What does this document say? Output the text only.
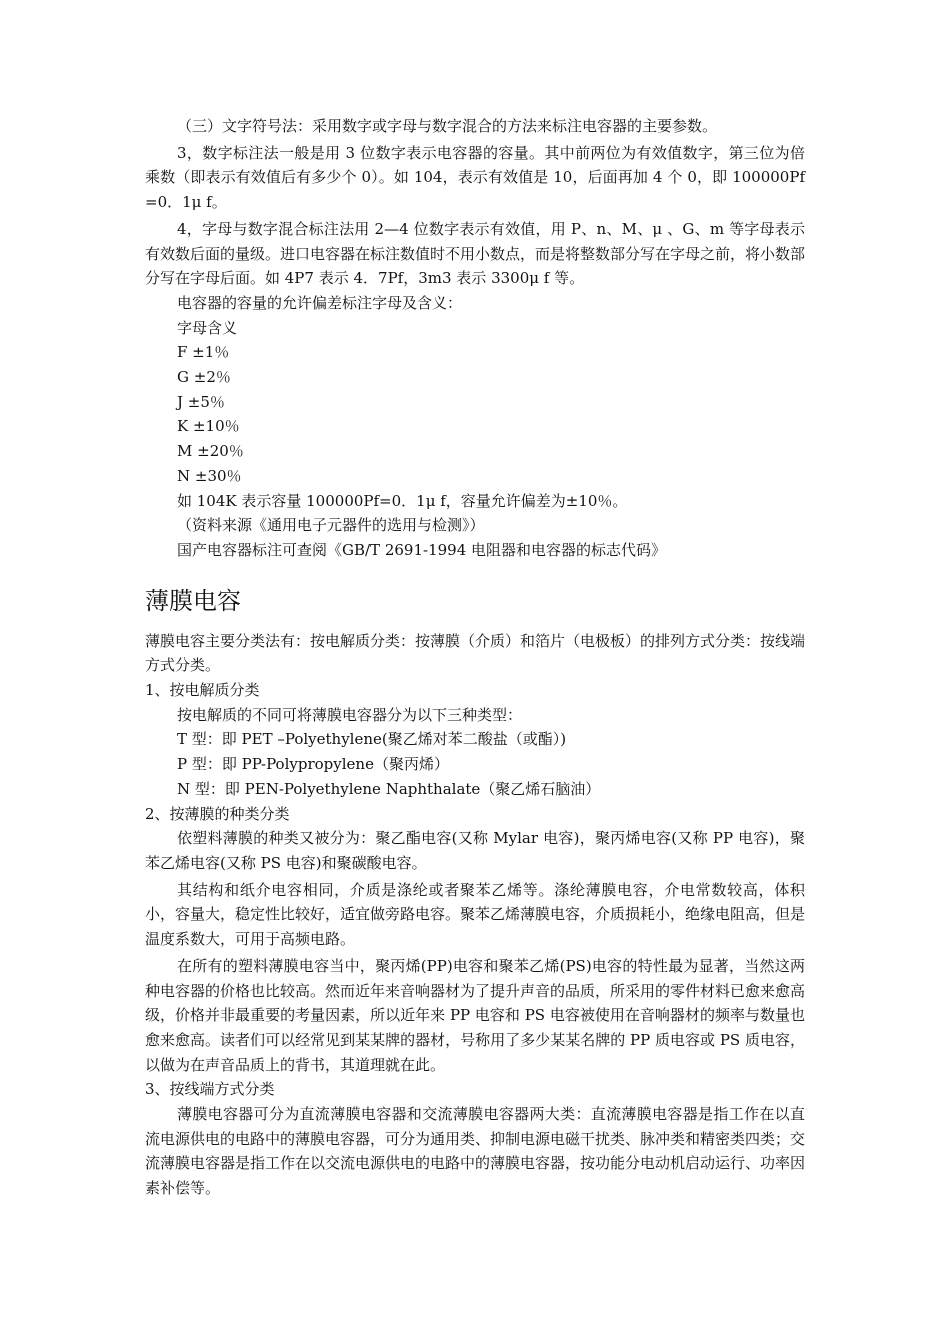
（三）文字符号法：采用数字或字母与数字混合的方法来标注电容器的主要参数。

3，数字标注法一般是用 3 位数字表示电容器的容量。其中前两位为有效值数字，第三位为倍乘数（即表示有效值后有多少个 0）。如 104，表示有效值是 10，后面再加 4 个 0，即 100000Pf=0．1μ f。

4，字母与数字混合标注法用 2—4 位数字表示有效值，用 P、n、M、μ 、G、m 等字母表示有效数后面的量级。进口电容器在标注数值时不用小数点，而是将整数部分写在字母之前，将小数部分写在字母后面。如 4P7 表示 4．7Pf，3m3 表示 3300μ f 等。

电容器的容量的允许偏差标注字母及含义：

字母含义

F ±1％

G ±2％

J ±5％

K ±10％

M ±20％

N ±30％

如 104K 表示容量 100000Pf=0．1μ f，容量允许偏差为±10％。

（资料来源《通用电子元器件的选用与检测》）

国产电容器标注可查阅《GB/T 2691-1994 电阻器和电容器的标志代码》

薄膜电容

薄膜电容主要分类法有：按电解质分类：按薄膜（介质）和箔片（电极板）的排列方式分类：按线端方式分类。

1、按电解质分类

按电解质的不同可将薄膜电容器分为以下三种类型：

T 型：即 PET –Polyethylene(聚乙烯对苯二酸盐（或酯）)

P 型：即 PP-Polypropylene（聚丙烯）

N 型：即 PEN-Polyethylene Naphthalate（聚乙烯石脑油）

2、按薄膜的种类分类

依塑料薄膜的种类又被分为：聚乙酯电容(又称 Mylar 电容)，聚丙烯电容(又称 PP 电容)，聚苯乙烯电容(又称 PS 电容)和聚碳酸电容。

其结构和纸介电容相同，介质是涤纶或者聚苯乙烯等。涤纶薄膜电容，介电常数较高，体积小，容量大，稳定性比较好，适宜做旁路电容。聚苯乙烯薄膜电容，介质损耗小，绝缘电阻高，但是温度系数大，可用于高频电路。

在所有的塑料薄膜电容当中，聚丙烯(PP)电容和聚苯乙烯(PS)电容的特性最为显著，当然这两种电容器的价格也比较高。然而近年来音响器材为了提升声音的品质，所采用的零件材料已愈来愈高级，价格并非最重要的考量因素，所以近年来 PP 电容和 PS 电容被使用在音响器材的频率与数量也愈来愈高。读者们可以经常见到某某牌的器材，号称用了多少某某名牌的 PP 质电容或 PS 质电容，以做为在声音品质上的背书，其道理就在此。

3、按线端方式分类

薄膜电容器可分为直流薄膜电容器和交流薄膜电容器两大类：直流薄膜电容器是指工作在以直流电源供电的电路中的薄膜电容器，可分为通用类、抑制电源电磁干扰类、脉冲类和精密类四类；交流薄膜电容器是指工作在以交流电源供电的电路中的薄膜电容器，按功能分电动机启动运行、功率因素补偿等。
